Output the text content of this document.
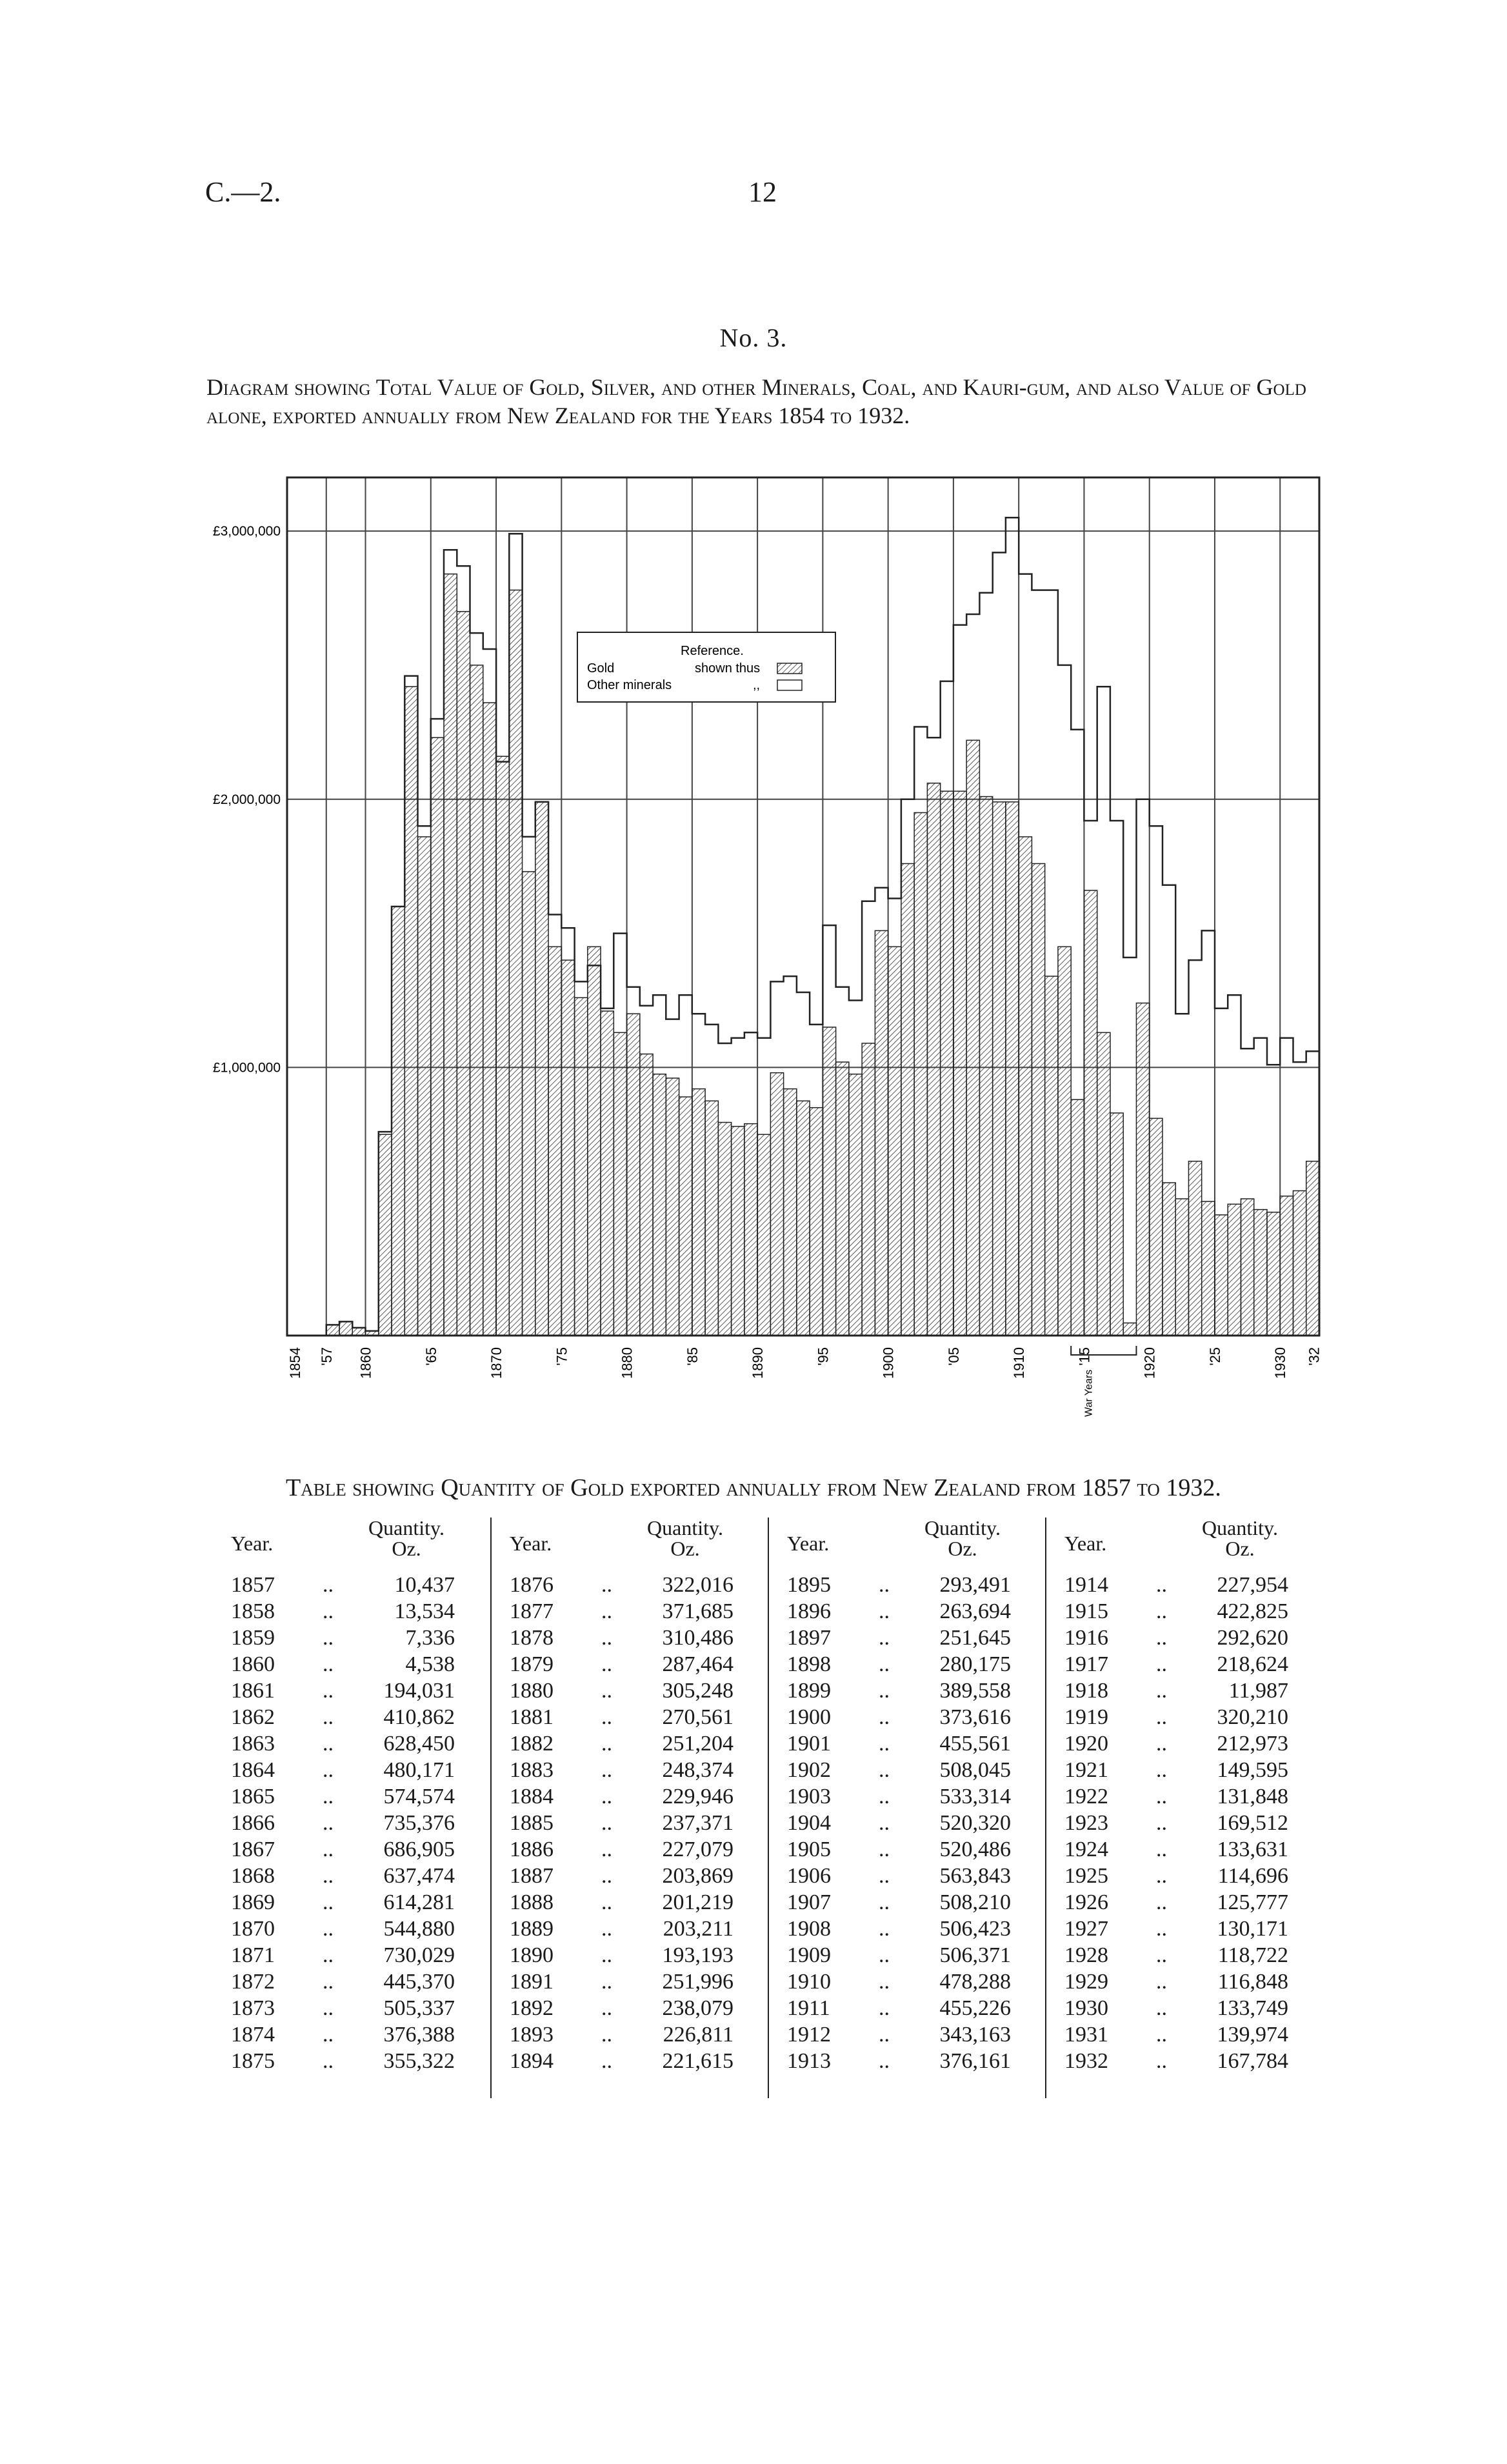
C.—2.	12
No. 3.
Diagram showing Total Value of Gold, Silver, and other Minerals, Coal, and Kauri-gum, and also Value of Gold alone, exported annually from New Zealand for the Years 1854 to 1932.
£1,000,000
£2,000,000
£3,000,000
1854 '57 1860	'65	1870	'75	1880	'85	1890	'95	1900	'05	1910	'15	1920	'25	1930 '32
Reference.
Gold	shown thus
Other minerals	,,
War Years
Table showing Quantity of Gold exported annually from New Zealand from 1857 to 1932.
Year.
Quantity.
Oz.
1857 ..	10,437
1858 ..	13,534
1859 ..	7,336
1860 ..	4,538
1861 ..	194,031
1862 ..	410,862
1863 ..	628,450
1864 ..	480,171
1865 ..	574,574
1866 ..	735,376
1867 ..	686,905
1868 ..	637,474
1869 ..	614,281
1870 ..	544,880
1871 ..	730,029
1872 ..	445,370
1873 ..	505,337
1874 ..	376,388
1875 ..	355,322
Year.
Quantity.
Oz.
1876 ..	322,016
1877 ..	371,685
1878 ..	310,486
1879 ..	287,464
1880 ..	305,248
1881 ..	270,561
1882 ..	251,204
1883 ..	248,374
1884 ..	229,946
1885 ..	237,371
1886 ..	227,079
1887 ..	203,869
1888 ..	201,219
1889 ..	203,211
1890 ..	193,193
1891 ..	251,996
1892 ..	238,079
1893 ..	226,811
1894 ..	221,615
Year.
Quantity.
Oz.
1895 ..	293,491
1896 ..	263,694
1897 ..	251,645
1898 ..	280,175
1899 ..	389,558
1900 ..	373,616
1901 ..	455,561
1902 ..	508,045
1903 ..	533,314
1904 ..	520,320
1905 ..	520,486
1906 ..	563,843
1907 ..	508,210
1908 ..	506,423
1909 ..	506,371
1910 ..	478,288
1911 ..	455,226
1912 ..	343,163
1913 ..	376,161
Year.
Quantity.
Oz.
1914 ..	227,954
1915 ..	422,825
1916 ..	292,620
1917 ..	218,624
1918 ..	11,987
1919 ..	320,210
1920 ..	212,973
1921 ..	149,595
1922 ..	131,848
1923 ..	169,512
1924 ..	133,631
1925 ..	114,696
1926 ..	125,777
1927 ..	130,171
1928 ..	118,722
1929 ..	116,848
1930 ..	133,749
1931 ..	139,974
1932 ..	167,784
